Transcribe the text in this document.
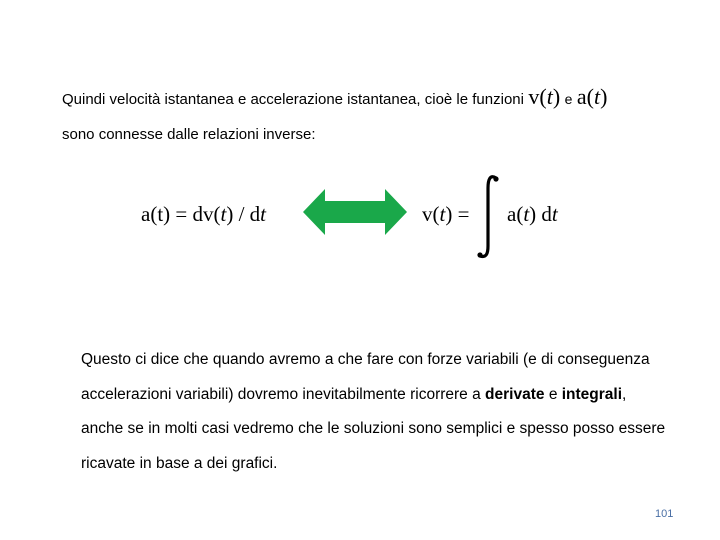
Quindi velocità istantanea e accelerazione istantanea, cioè le funzioni v(t) e a(t)
sono connesse dalle relazioni inverse:
a(t) = dv(t) / dt	v(t) = a(t) dt
Questo ci dice che quando avremo a che fare con forze variabili (e di conseguenza
accelerazioni variabili) dovremo inevitabilmente ricorrere a derivate e integrali,
anche se in molti casi vedremo che le soluzioni sono semplici e spesso posso essere
ricavate in base a dei grafici.
101
